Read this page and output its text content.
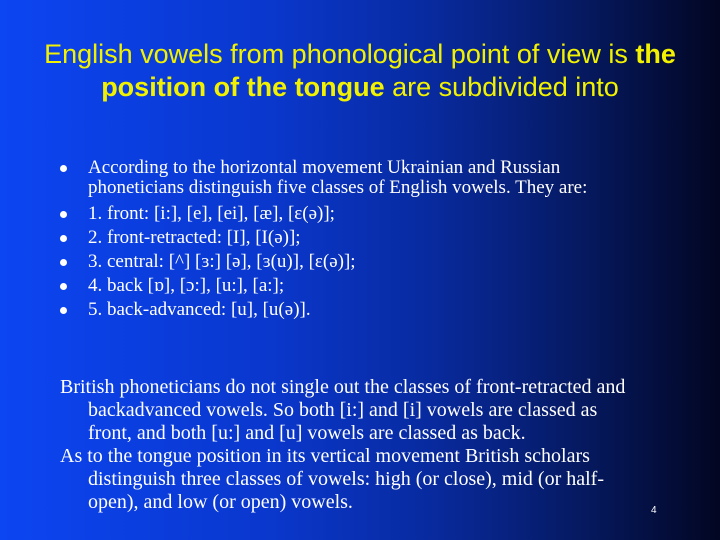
English vowels from phonological point of view is the position of the tongue are subdivided into
According to the horizontal movement Ukrainian and Russian phoneticians distinguish five classes of English vowels. They are:
1. front: [i:], [e], [ei], [æ], [ɛ(ə)];
2. front-retracted: [I], [I(ə)];
3. central: [^] [ɜ:] [ə], [ɜ(u)], [ɛ(ə)];
4. back [ɒ], [ɔ:], [u:], [a:];
5. back-advanced: [u], [u(ə)].

British phoneticians do not single out the classes of front-retracted and backadvanced vowels. So both [i:] and [i] vowels are classed as front, and both [u:] and [u] vowels are classed as back.

As to the tongue position in its vertical movement British scholars distinguish three classes of vowels: high (or close), mid (or half-open), and low (or open) vowels.	4
